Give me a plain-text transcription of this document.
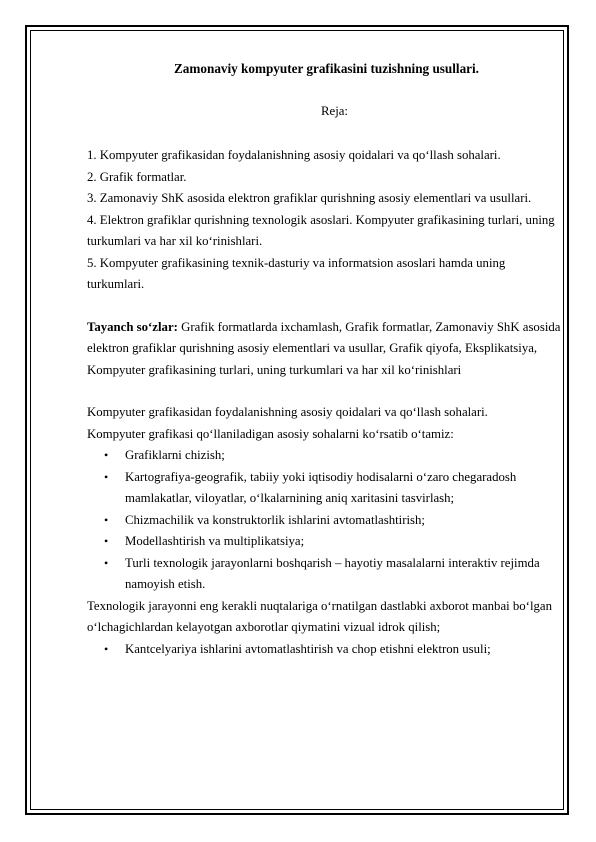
Zamonaviy kompyuter grafikasini tuzishning usullari.

Reja:

1. Kompyuter grafikasidan foydalanishning asosiy qoidalari va qo‘llash sohalari.
2. Grafik formatlar.
3. Zamonaviy ShK asosida elektron grafiklar qurishning asosiy elementlari va usullari.
4. Elektron grafiklar qurishning texnologik asoslari. Kompyuter grafikasining turlari, uning turkumlari va har xil ko‘rinishlari.
5. Kompyuter grafikasining texnik-dasturiy va informatsion asoslari hamda uning turkumlari.

Tayanch so‘zlar: Grafik formatlarda ixchamlash, Grafik formatlar, Zamonaviy ShK asosida elektron grafiklar qurishning asosiy elementlari va usullar, Grafik qiyofa, Eksplikatsiya, Kompyuter grafikasining turlari, uning turkumlari va har xil ko‘rinishlari

Kompyuter grafikasidan foydalanishning asosiy qoidalari va qo‘llash sohalari.

Kompyuter grafikasi qo‘llaniladigan asosiy sohalarni ko‘rsatib o‘tamiz:

• Grafiklarni chizish;
• Kartografiya-geografik, tabiiy yoki iqtisodiy hodisalarni o‘zaro chegaradosh mamlakatlar, viloyatlar, o‘lkalarnining aniq xaritasini tasvirlash;
• Chizmachilik va konstruktorlik ishlarini avtomatlashtirish;
• Modellashtirish va multiplikatsiya;
• Turli texnologik jarayonlarni boshqarish – hayotiy masalalarni interaktiv rejimda namoyish etish.

Texnologik jarayonni eng kerakli nuqtalariga o‘rnatilgan dastlabki axborot manbai bo‘lgan o‘lchagichlardan kelayotgan axborotlar qiymatini vizual idrok qilish;

• Kantcelyariya ishlarini avtomatlashtirish va chop etishni elektron usuli;
